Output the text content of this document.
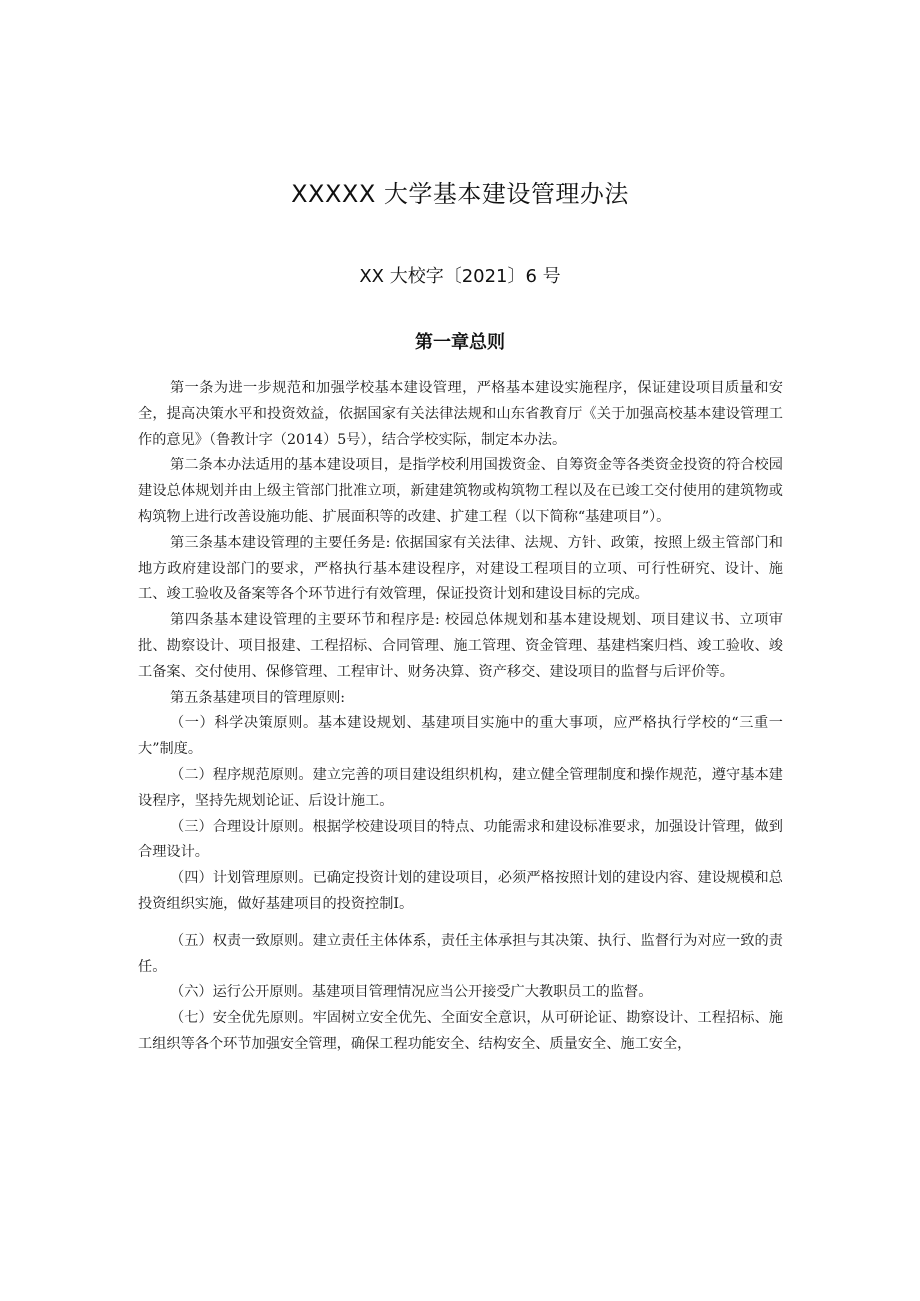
XXXXX 大学基本建设管理办法
XX 大校字〔2021〕6 号
第一章总则

第一条为进一步规范和加强学校基本建设管理，严格基本建设实施程序，保证建设项目质量和安全，提高决策水平和投资效益，依据国家有关法律法规和山东省教育厅《关于加强高校基本建设管理工作的意见》（鲁教计字（2014）5号），结合学校实际，制定本办法。

第二条本办法适用的基本建设项目，是指学校利用国拨资金、自筹资金等各类资金投资的符合校园建设总体规划并由上级主管部门批准立项，新建建筑物或构筑物工程以及在已竣工交付使用的建筑物或构筑物上进行改善设施功能、扩展面积等的改建、扩建工程（以下简称“基建项目”）。

第三条基本建设管理的主要任务是: 依据国家有关法律、法规、方针、政策，按照上级主管部门和地方政府建设部门的要求，严格执行基本建设程序，对建设工程项目的立项、可行性研究、设计、施工、竣工验收及备案等各个环节进行有效管理，保证投资计划和建设目标的完成。

第四条基本建设管理的主要环节和程序是: 校园总体规划和基本建设规划、项目建议书、立项审批、勘察设计、项目报建、工程招标、合同管理、施工管理、资金管理、基建档案归档、竣工验收、竣工备案、交付使用、保修管理、工程审计、财务决算、资产移交、建设项目的监督与后评价等。

第五条基建项目的管理原则:

（一）科学决策原则。基本建设规划、基建项目实施中的重大事项，应严格执行学校的“三重一大”制度。

（二）程序规范原则。建立完善的项目建设组织机构，建立健全管理制度和操作规范，遵守基本建设程序，坚持先规划论证、后设计施工。

（三）合理设计原则。根据学校建设项目的特点、功能需求和建设标准要求，加强设计管理，做到合理设计。

（四）计划管理原则。已确定投资计划的建设项目，必须严格按照计划的建设内容、建设规模和总投资组织实施，做好基建项目的投资控制I。

（五）权责一致原则。建立责任主体体系，责任主体承担与其决策、执行、监督行为对应一致的责任。

（六）运行公开原则。基建项目管理情况应当公开接受广大教职员工的监督。

（七）安全优先原则。牢固树立安全优先、全面安全意识，从可研论证、勘察设计、工程招标、施工组织等各个环节加强安全管理，确保工程功能安全、结构安全、质量安全、施工安全，
